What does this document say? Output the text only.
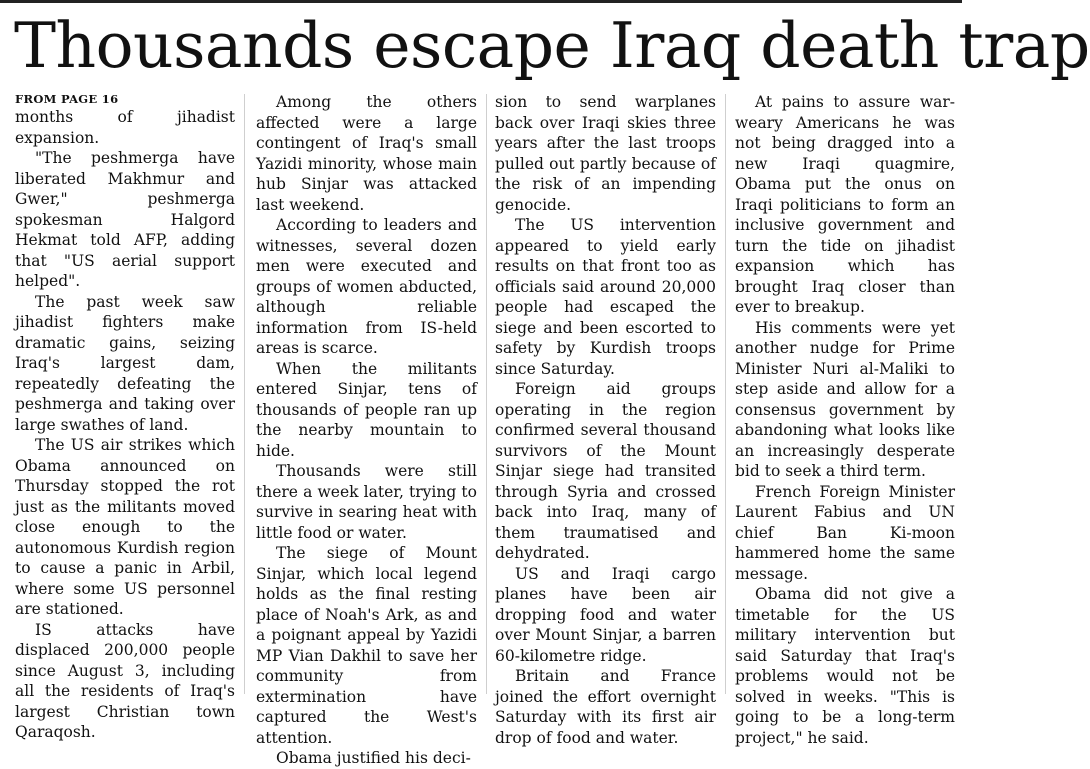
Thousands escape Iraq death trap
FROM PAGE 16

months of jihadist expansion.

"The peshmerga have liberated Makhmur and Gwer," peshmerga spokesman Halgord Hekmat told AFP, adding that "US aerial support helped".

The past week saw jihadist fighters make dramatic gains, seizing Iraq's largest dam, repeatedly defeating the peshmerga and taking over large swathes of land.

The US air strikes which Obama announced on Thursday stopped the rot just as the militants moved close enough to the autonomous Kurdish region to cause a panic in Arbil, where some US personnel are stationed.

IS attacks have displaced 200,000 people since August 3, including all the residents of Iraq's largest Christian town Qaraqosh.

Among the others affected were a large contingent of Iraq's small Yazidi minority, whose main hub Sinjar was attacked last weekend.

According to leaders and witnesses, several dozen men were executed and groups of women abducted, although reliable information from IS-held areas is scarce.

When the militants entered Sinjar, tens of thousands of people ran up the nearby mountain to hide.

Thousands were still there a week later, trying to survive in searing heat with little food or water.

The siege of Mount Sinjar, which local legend holds as the final resting place of Noah's Ark, as and a poignant appeal by Yazidi MP Vian Dakhil to save her community from extermination have captured the West's attention.

Obama justified his deci-

sion to send warplanes back over Iraqi skies three years after the last troops pulled out partly because of the risk of an impending genocide.

The US intervention appeared to yield early results on that front too as officials said around 20,000 people had escaped the siege and been escorted to safety by Kurdish troops since Saturday.

Foreign aid groups operating in the region confirmed several thousand survivors of the Mount Sinjar siege had transited through Syria and crossed back into Iraq, many of them traumatised and dehydrated.

US and Iraqi cargo planes have been air dropping food and water over Mount Sinjar, a barren 60-kilometre ridge.

Britain and France joined the effort overnight Saturday with its first air drop of food and water.

At pains to assure war-weary Americans he was not being dragged into a new Iraqi quagmire, Obama put the onus on Iraqi politicians to form an inclusive government and turn the tide on jihadist expansion which has brought Iraq closer than ever to breakup.

His comments were yet another nudge for Prime Minister Nuri al-Maliki to step aside and allow for a consensus government by abandoning what looks like an increasingly desperate bid to seek a third term.

French Foreign Minister Laurent Fabius and UN chief Ban Ki-moon hammered home the same message.

Obama did not give a timetable for the US military intervention but said Saturday that Iraq's problems would not be solved in weeks. "This is going to be a long-term project," he said.
